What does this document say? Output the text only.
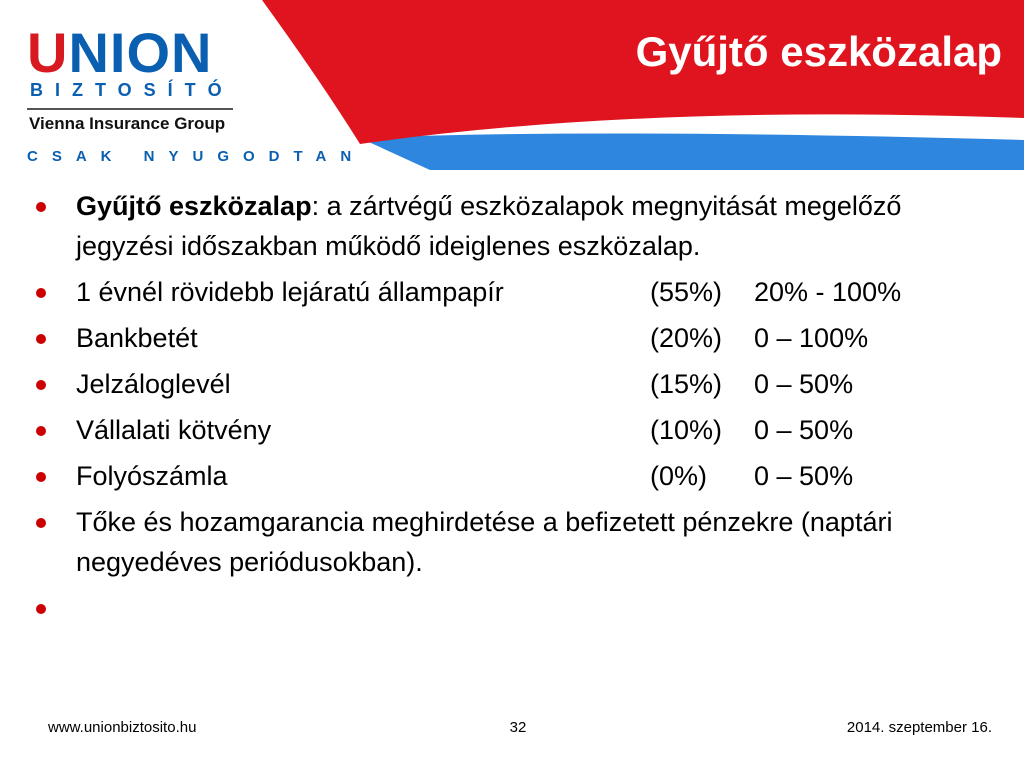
Gyűjtő eszközalap
UNION
BIZTOSÍTÓ
Vienna Insurance Group
CSAK NYUGODTAN
Gyűjtő eszközalap: a zártvégű eszközalapok megnyitását megelőző jegyzési időszakban működő ideiglenes eszközalap.
1 évnél rövidebb lejáratú állampapír	(55%)	20% - 100%
Bankbetét	(20%)	0 – 100%
Jelzáloglevél	(15%)	0 – 50%
Vállalati kötvény	(10%)	0 – 50%
Folyószámla	(0%)	0 – 50%
Tőke és hozamgarancia meghirdetése a befizetett pénzekre (naptári negyedéves periódusokban).

www.unionbiztosito.hu	32	2014. szeptember 16.
